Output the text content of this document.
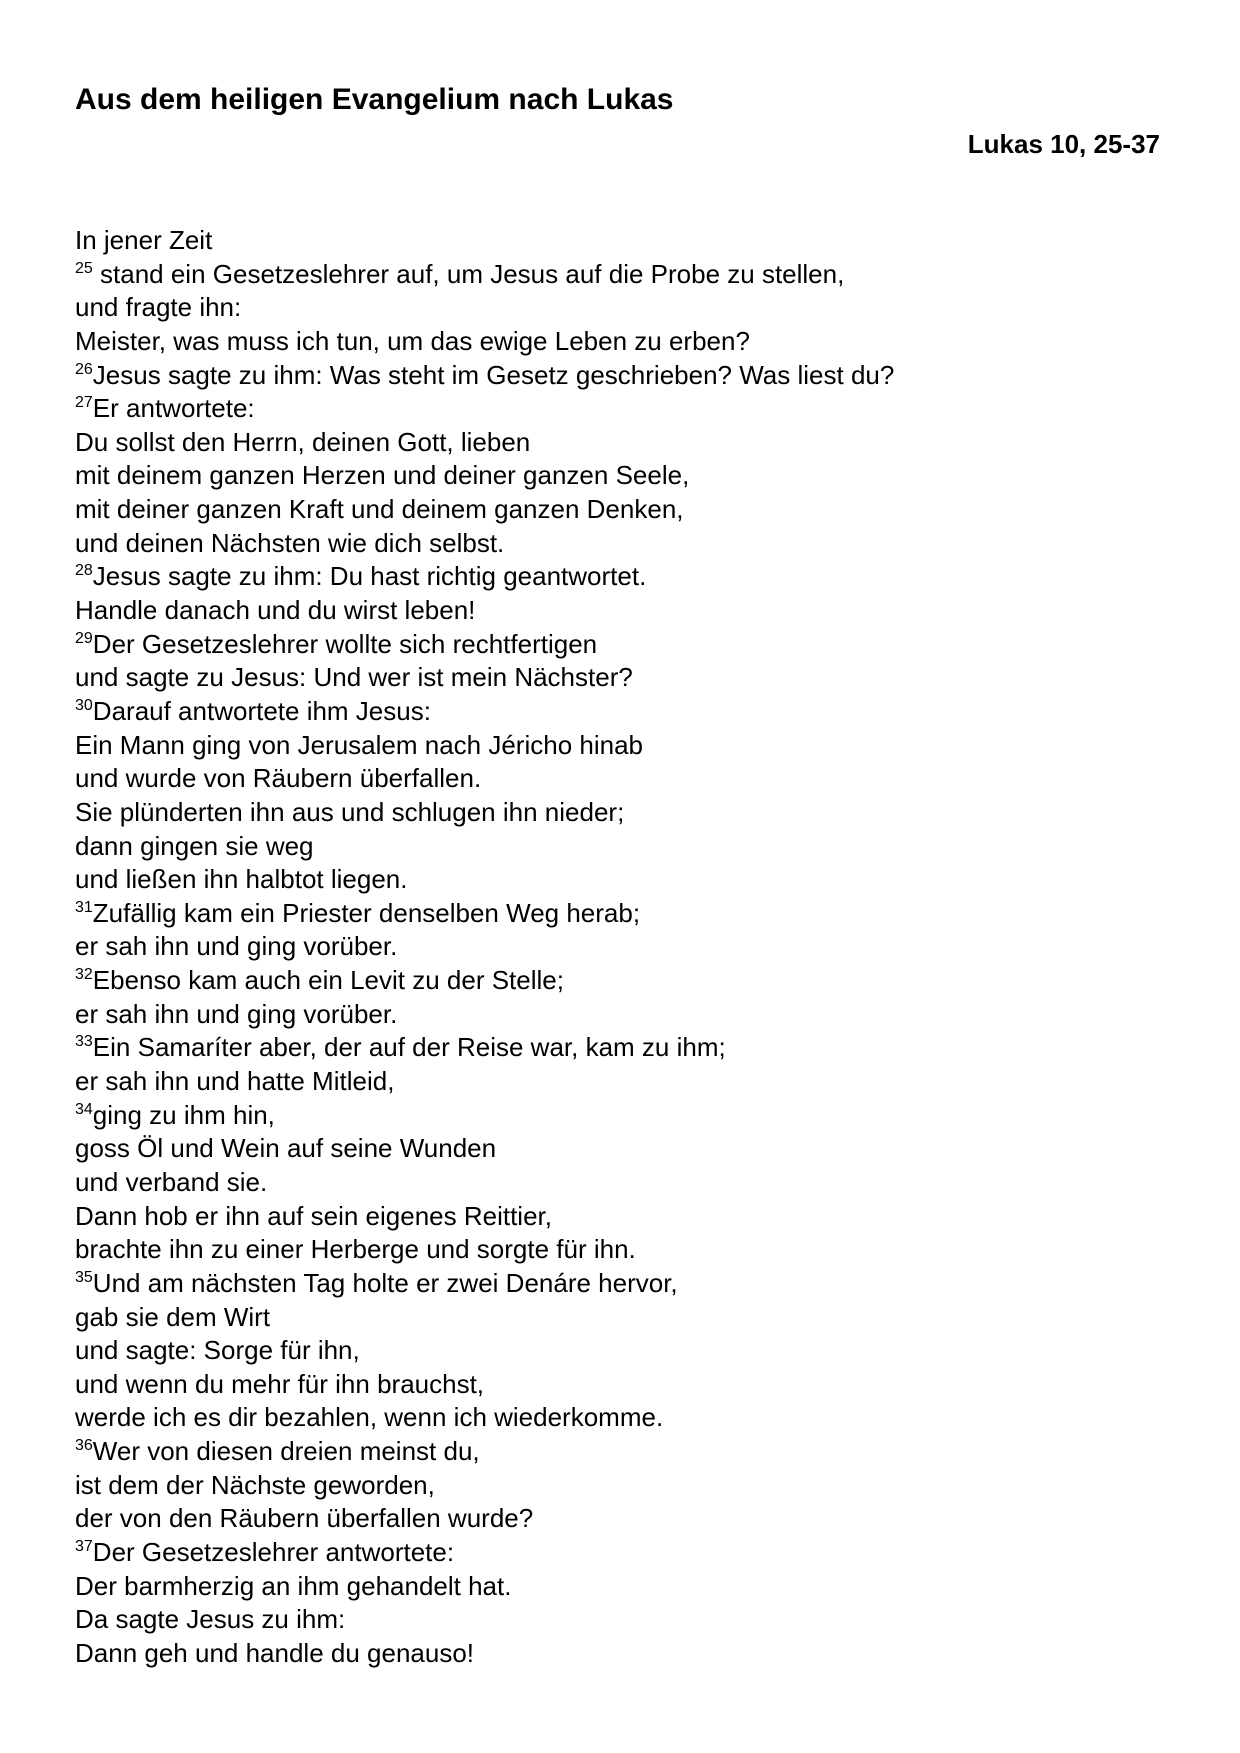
Aus dem heiligen Evangelium nach Lukas
Lukas 10, 25-37
In jener Zeit
$^{25}$ stand ein Gesetzeslehrer auf, um Jesus auf die Probe zu stellen,
und fragte ihn:
Meister, was muss ich tun, um das ewige Leben zu erben?
$^{26}$Jesus sagte zu ihm: Was steht im Gesetz geschrieben? Was liest du?
$^{27}$Er antwortete:
Du sollst den Herrn, deinen Gott, lieben
mit deinem ganzen Herzen und deiner ganzen Seele,
mit deiner ganzen Kraft und deinem ganzen Denken,
und deinen Nächsten wie dich selbst.
$^{28}$Jesus sagte zu ihm: Du hast richtig geantwortet.
Handle danach und du wirst leben!
$^{29}$Der Gesetzeslehrer wollte sich rechtfertigen
und sagte zu Jesus: Und wer ist mein Nächster?
$^{30}$Darauf antwortete ihm Jesus:
Ein Mann ging von Jerusalem nach Jéricho hinab
und wurde von Räubern überfallen.
Sie plünderten ihn aus und schlugen ihn nieder;
dann gingen sie weg
und ließen ihn halbtot liegen.
$^{31}$Zufällig kam ein Priester denselben Weg herab;
er sah ihn und ging vorüber.
$^{32}$Ebenso kam auch ein Levit zu der Stelle;
er sah ihn und ging vorüber.
$^{33}$Ein Samaríter aber, der auf der Reise war, kam zu ihm;
er sah ihn und hatte Mitleid,
$^{34}$ging zu ihm hin,
goss Öl und Wein auf seine Wunden
und verband sie.
Dann hob er ihn auf sein eigenes Reittier,
brachte ihn zu einer Herberge und sorgte für ihn.
$^{35}$Und am nächsten Tag holte er zwei Denáre hervor,
gab sie dem Wirt
und sagte: Sorge für ihn,
und wenn du mehr für ihn brauchst,
werde ich es dir bezahlen, wenn ich wiederkomme.
$^{36}$Wer von diesen dreien meinst du,
ist dem der Nächste geworden,
der von den Räubern überfallen wurde?
$^{37}$Der Gesetzeslehrer antwortete:
Der barmherzig an ihm gehandelt hat.
Da sagte Jesus zu ihm:
Dann geh und handle du genauso!
